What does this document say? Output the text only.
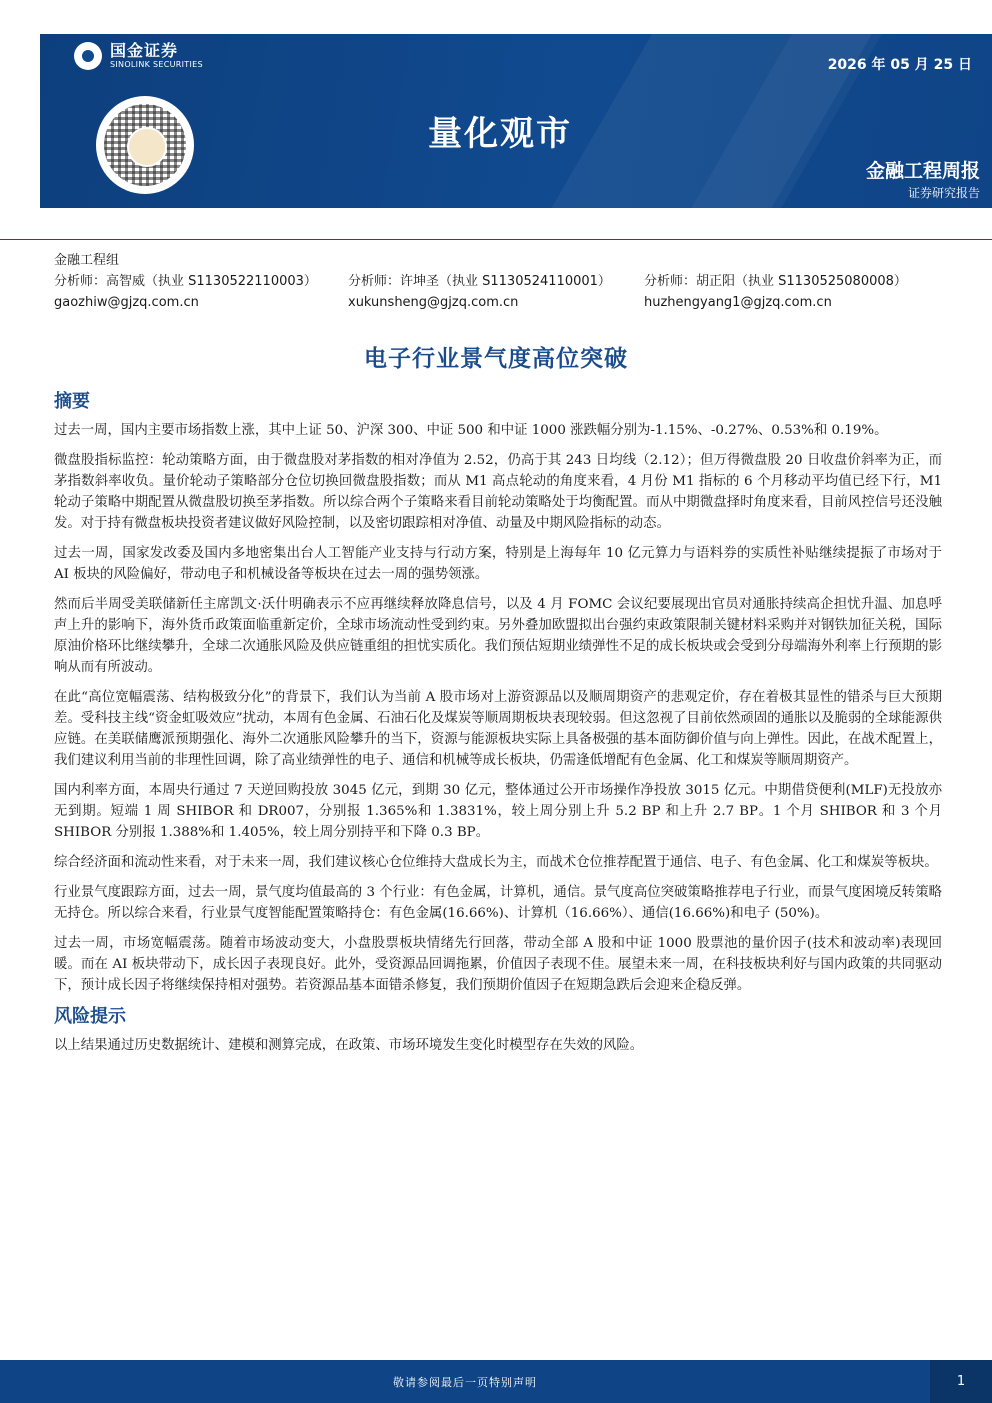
国金证券
SINOLINK SECURITIES	2026 年 05 月 25 日
量化观市
金融工程周报
证券研究报告
金融工程组
分析师：高智威（执业 S1130522110003）
gaozhiw@gjzq.com.cn
分析师：许坤圣（执业 S1130524110001）
xukunsheng@gjzq.com.cn
分析师：胡正阳（执业 S1130525080008）
huzhengyang1@gjzq.com.cn
电子行业景气度高位突破
摘要

过去一周，国内主要市场指数上涨，其中上证 50、沪深 300、中证 500 和中证 1000 涨跌幅分别为-1.15%、-0.27%、0.53%和 0.19%。

微盘股指标监控：轮动策略方面，由于微盘股对茅指数的相对净值为 2.52，仍高于其 243 日均线（2.12）；但万得微盘股 20 日收盘价斜率为正，而茅指数斜率收负。量价轮动子策略部分仓位切换回微盘股指数；而从 M1 高点轮动的角度来看，4 月份 M1 指标的 6 个月移动平均值已经下行，M1 轮动子策略中期配置从微盘股切换至茅指数。所以综合两个子策略来看目前轮动策略处于均衡配置。而从中期微盘择时角度来看，目前风控信号还没触发。对于持有微盘板块投资者建议做好风险控制，以及密切跟踪相对净值、动量及中期风险指标的动态。

过去一周，国家发改委及国内多地密集出台人工智能产业支持与行动方案，特别是上海每年 10 亿元算力与语料券的实质性补贴继续提振了市场对于 AI 板块的风险偏好，带动电子和机械设备等板块在过去一周的强势领涨。

然而后半周受美联储新任主席凯文·沃什明确表示不应再继续释放降息信号，以及 4 月 FOMC 会议纪要展现出官员对通胀持续高企担忧升温、加息呼声上升的影响下，海外货币政策面临重新定价，全球市场流动性受到约束。另外叠加欧盟拟出台强约束政策限制关键材料采购并对钢铁加征关税，国际原油价格环比继续攀升，全球二次通胀风险及供应链重组的担忧实质化。我们预估短期业绩弹性不足的成长板块或会受到分母端海外利率上行预期的影响从而有所波动。

在此“高位宽幅震荡、结构极致分化”的背景下，我们认为当前 A 股市场对上游资源品以及顺周期资产的悲观定价，存在着极其显性的错杀与巨大预期差。受科技主线“资金虹吸效应”扰动，本周有色金属、石油石化及煤炭等顺周期板块表现较弱。但这忽视了目前依然顽固的通胀以及脆弱的全球能源供应链。在美联储鹰派预期强化、海外二次通胀风险攀升的当下，资源与能源板块实际上具备极强的基本面防御价值与向上弹性。因此，在战术配置上，我们建议利用当前的非理性回调，除了高业绩弹性的电子、通信和机械等成长板块，仍需逢低增配有色金属、化工和煤炭等顺周期资产。

国内利率方面，本周央行通过 7 天逆回购投放 3045 亿元，到期 30 亿元，整体通过公开市场操作净投放 3015 亿元。中期借贷便利(MLF)无投放亦无到期。短端 1 周 SHIBOR 和 DR007，分别报 1.365%和 1.3831%，较上周分别上升 5.2 BP 和上升 2.7 BP。1 个月 SHIBOR 和 3 个月 SHIBOR 分别报 1.388%和 1.405%，较上周分别持平和下降 0.3 BP。

综合经济面和流动性来看，对于未来一周，我们建议核心仓位维持大盘成长为主，而战术仓位推荐配置于通信、电子、有色金属、化工和煤炭等板块。

行业景气度跟踪方面，过去一周，景气度均值最高的 3 个行业：有色金属，计算机，通信。景气度高位突破策略推荐电子行业，而景气度困境反转策略无持仓。所以综合来看，行业景气度智能配置策略持仓：有色金属(16.66%)、计算机（16.66%）、通信(16.66%)和电子 (50%)。

过去一周，市场宽幅震荡。随着市场波动变大，小盘股票板块情绪先行回落，带动全部 A 股和中证 1000 股票池的量价因子(技术和波动率)表现回暖。而在 AI 板块带动下，成长因子表现良好。此外，受资源品回调拖累，价值因子表现不佳。展望未来一周，在科技板块利好与国内政策的共同驱动下，预计成长因子将继续保持相对强势。若资源品基本面错杀修复，我们预期价值因子在短期急跌后会迎来企稳反弹。

风险提示

以上结果通过历史数据统计、建模和测算完成，在政策、市场环境发生变化时模型存在失效的风险。

敬请参阅最后一页特别声明	1
